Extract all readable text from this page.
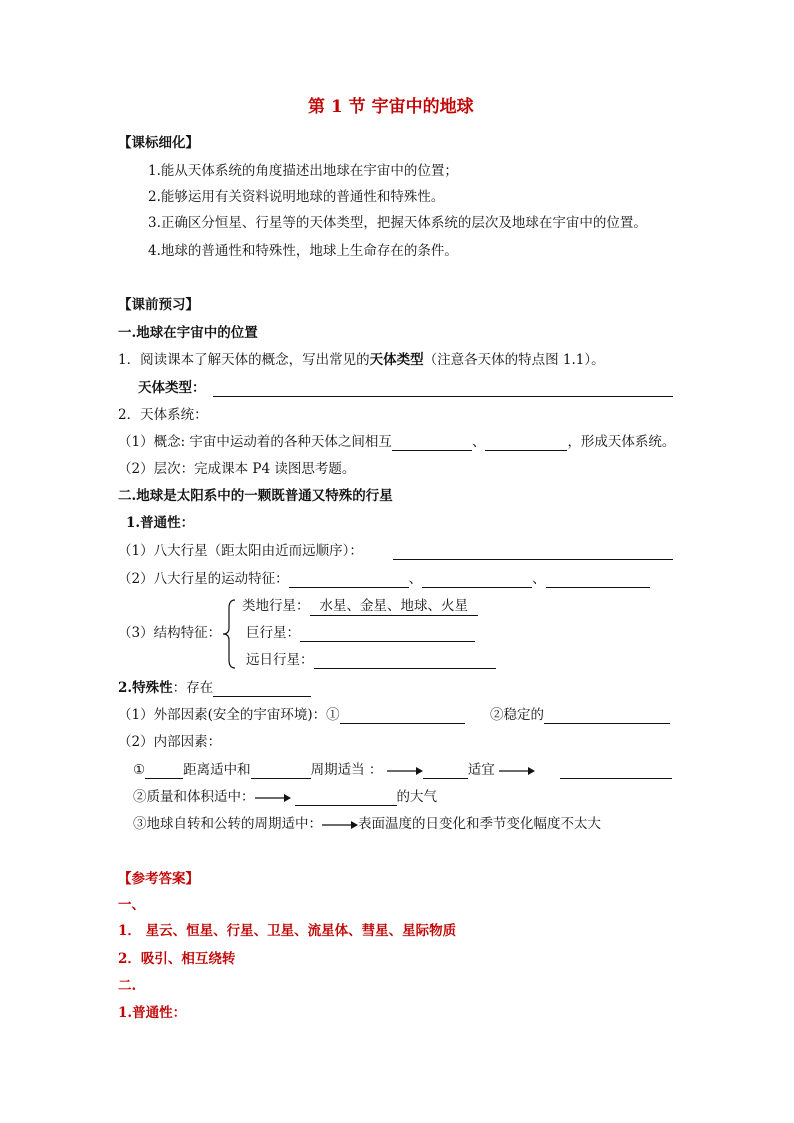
第 1 节 宇宙中的地球
【课标细化】
1.能从天体系统的角度描述出地球在宇宙中的位置；
2.能够运用有关资料说明地球的普通性和特殊性。
3.正确区分恒星、行星等的天体类型，把握天体系统的层次及地球在宇宙中的位置。
4.地球的普通性和特殊性，地球上生命存在的条件。
【课前预习】
一.地球在宇宙中的位置
1．阅读课本了解天体的概念，写出常见的天体类型（注意各天体的特点图 1.1）。
天体类型：
2．天体系统：
（1）概念: 宇宙中运动着的各种天体之间相互	、	，形成天体系统。
（2）层次：完成课本 P4 读图思考题。
二.地球是太阳系中的一颗既普通又特殊的行星
1.普通性：
（1）八大行星（距太阳由近而远顺序）：
（2）八大行星的运动特征：	、	、
（3）结构特征：
类地行星： 水星、金星、地球、火星
巨行星：
远日行星：
2.特殊性：存在
（1）外部因素(安全的宇宙环境)：①	②稳定的
（2）内部因素：
①	距离适中和	周期适当 ：	适宜
②质量和体积适中：	的大气
③地球自转和公转的周期适中：	表面温度的日变化和季节变化幅度不太大
【参考答案】
一、
1． 星云、恒星、行星、卫星、流星体、彗星、星际物质
2．吸引、相互绕转
二.
1.普通性：
